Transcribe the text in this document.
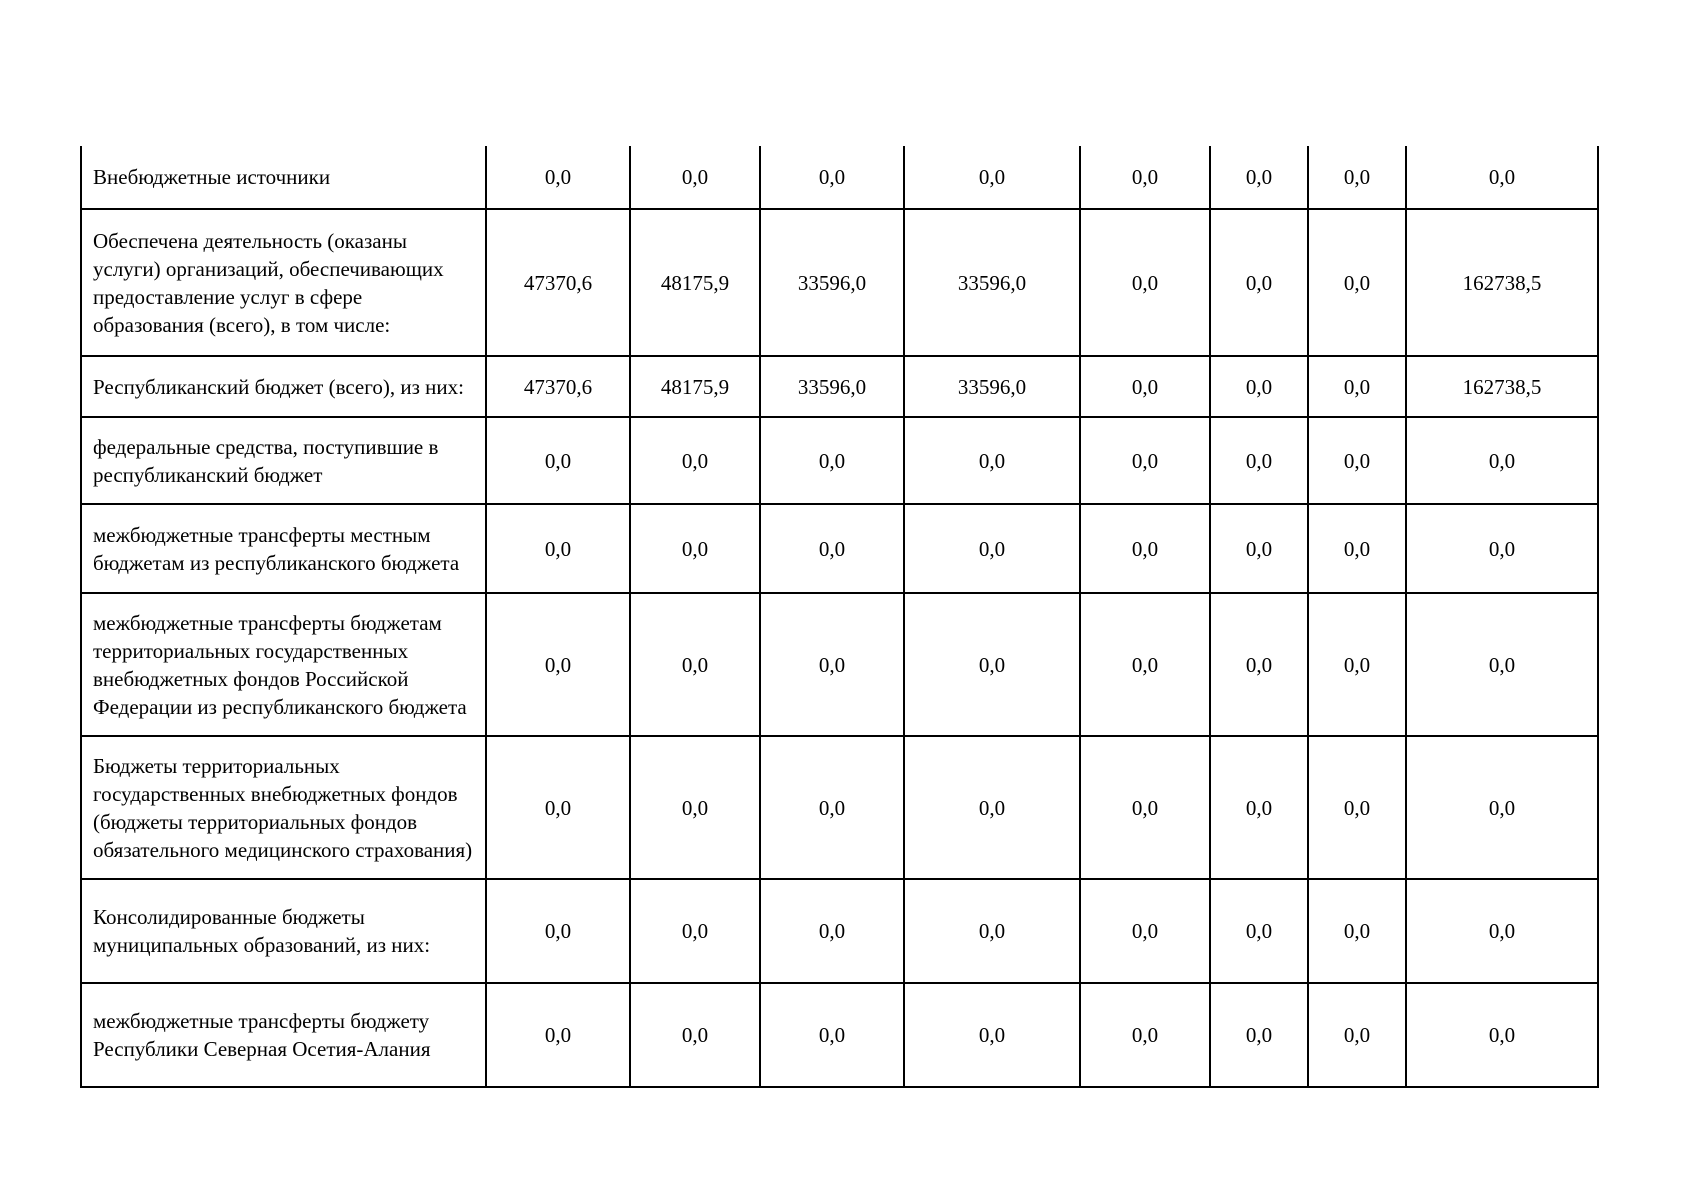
Внебюджетные источники	0,0	0,0	0,0	0,0	0,0	0,0	0,0	0,0
Обеспечена деятельность (оказаны услуги) организаций, обеспечивающих предоставление услуг в сфере образования (всего), в том числе:	47370,6	48175,9	33596,0	33596,0	0,0	0,0	0,0	162738,5
Республиканский бюджет (всего), из них:	47370,6	48175,9	33596,0	33596,0	0,0	0,0	0,0	162738,5
федеральные средства, поступившие в республиканский бюджет	0,0	0,0	0,0	0,0	0,0	0,0	0,0	0,0
межбюджетные трансферты местным бюджетам из республиканского бюджета	0,0	0,0	0,0	0,0	0,0	0,0	0,0	0,0
межбюджетные трансферты бюджетам территориальных государственных внебюджетных фондов Российской Федерации из республиканского бюджета	0,0	0,0	0,0	0,0	0,0	0,0	0,0	0,0
Бюджеты территориальных государственных внебюджетных фондов (бюджеты территориальных фондов обязательного медицинского страхования)	0,0	0,0	0,0	0,0	0,0	0,0	0,0	0,0
Консолидированные бюджеты муниципальных образований, из них:	0,0	0,0	0,0	0,0	0,0	0,0	0,0	0,0
межбюджетные трансферты бюджету Республики Северная Осетия-Алания	0,0	0,0	0,0	0,0	0,0	0,0	0,0	0,0
